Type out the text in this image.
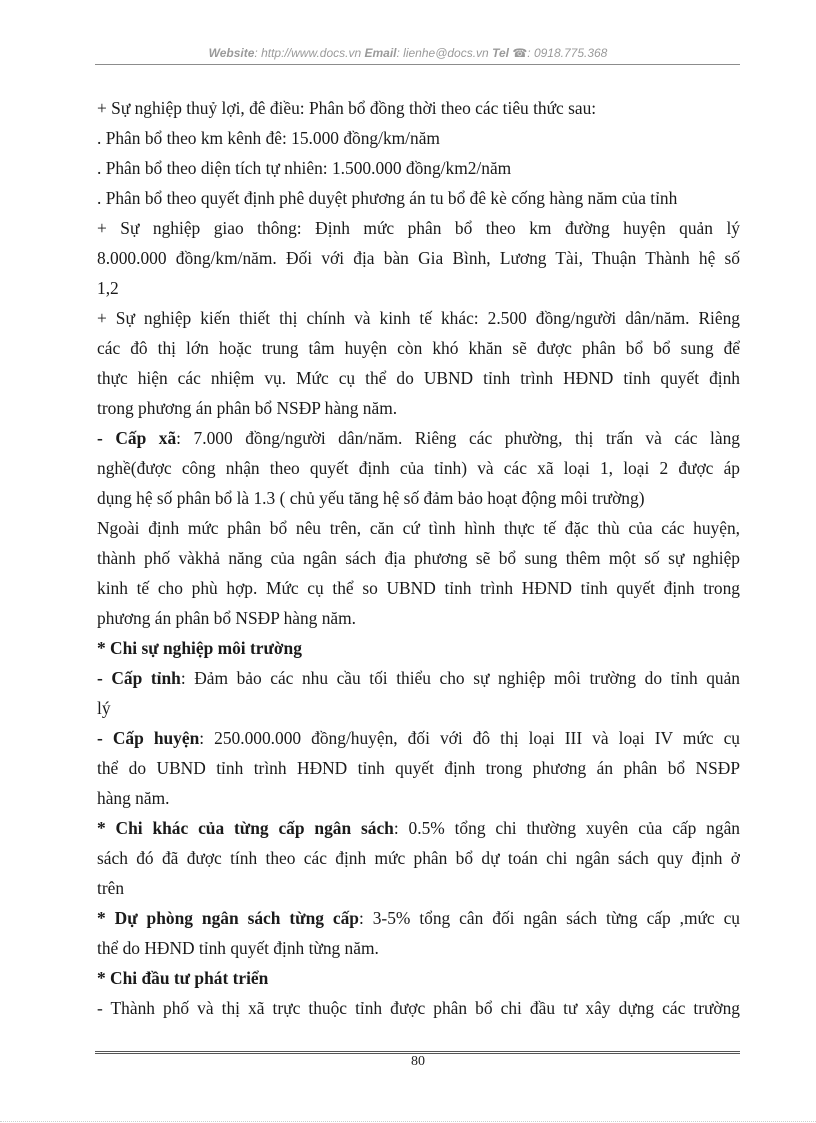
Website: http://www.docs.vn Email: lienhe@docs.vn Tel ☎: 0918.775.368
+ Sự nghiệp thuỷ lợi, đê điều: Phân bổ đồng thời theo các tiêu thức sau:
. Phân bổ theo km kênh đê: 15.000 đồng/km/năm
. Phân bổ theo diện tích tự nhiên: 1.500.000 đồng/km2/năm
. Phân bổ theo quyết định phê duyệt phương án tu bổ đê kè cống hàng năm của tỉnh
+ Sự nghiệp giao thông: Định mức phân bổ theo km đường huyện quản lý
8.000.000 đồng/km/năm. Đối với địa bàn Gia Bình, Lương Tài, Thuận Thành hệ số
1,2
+ Sự nghiệp kiến thiết thị chính và kinh tế khác: 2.500 đồng/người dân/năm. Riêng
các đô thị lớn hoặc trung tâm huyện còn khó khăn sẽ được phân bổ bổ sung để
thực hiện các nhiệm vụ. Mức cụ thể do UBND tỉnh trình HĐND tỉnh quyết định
trong phương án phân bổ NSĐP hàng năm.
- Cấp xã: 7.000 đồng/người dân/năm. Riêng các phường, thị trấn và các làng
nghề(được công nhận theo quyết định của tỉnh) và các xã loại 1, loại 2 được áp
dụng hệ số phân bổ là 1.3 ( chủ yếu tăng hệ số đảm bảo hoạt động môi trường)
Ngoài định mức phân bổ nêu trên, căn cứ tình hình thực tế đặc thù của các huyện,
thành phố vàkhả năng của ngân sách địa phương sẽ bổ sung thêm một số sự nghiệp
kinh tế cho phù hợp. Mức cụ thể so UBND tỉnh trình HĐND tỉnh quyết định trong
phương án phân bổ NSĐP hàng năm.
* Chi sự nghiệp môi trường
- Cấp tỉnh: Đảm bảo các nhu cầu tối thiểu cho sự nghiệp môi trường do tỉnh quản
lý
- Cấp huyện: 250.000.000 đồng/huyện, đối với đô thị loại III và loại IV mức cụ
thể do UBND tỉnh trình HĐND tỉnh quyết định trong phương án phân bổ NSĐP
hàng năm.
* Chi khác của từng cấp ngân sách: 0.5% tổng chi thường xuyên của cấp ngân
sách đó đã được tính theo các định mức phân bổ dự toán chi ngân sách quy định ở
trên
* Dự phòng ngân sách từng cấp: 3-5% tổng cân đối ngân sách từng cấp ,mức cụ
thể do HĐND tỉnh quyết định từng năm.
* Chi đầu tư phát triển
- Thành phố và thị xã trực thuộc tỉnh được phân bổ chi đầu tư xây dựng các trường
80
